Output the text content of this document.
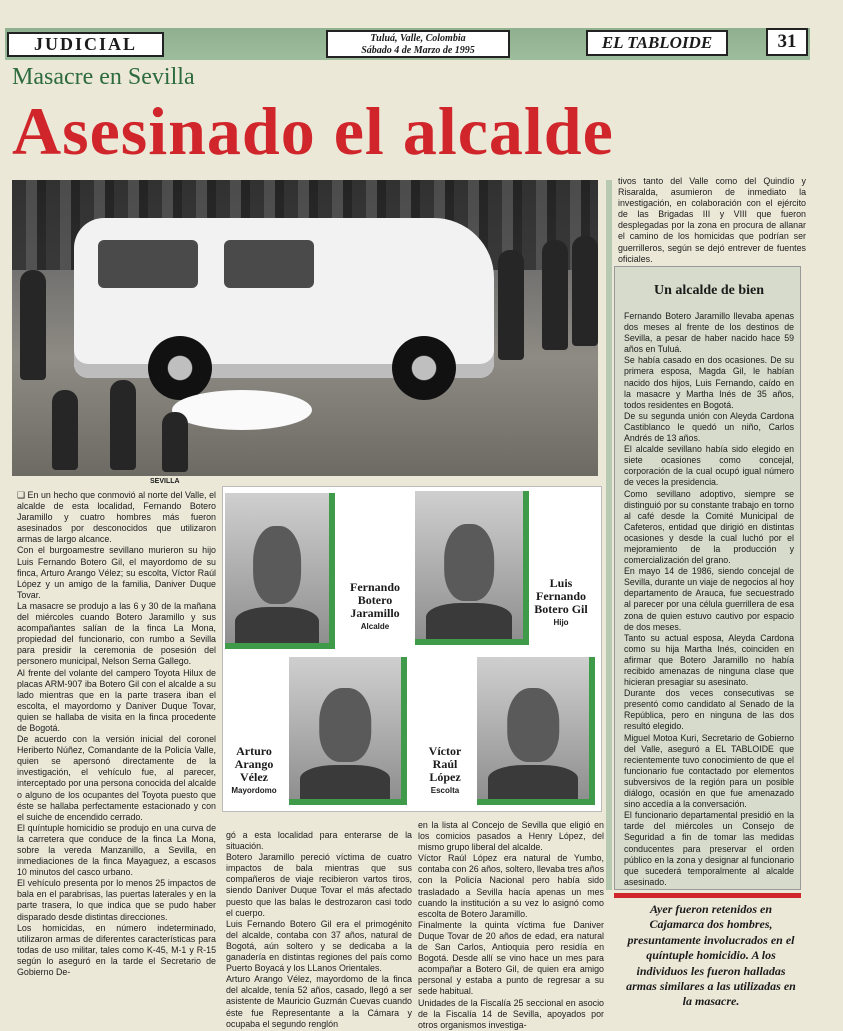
JUDICIAL	Tuluá, Valle, Colombia
Sábado 4 de Marzo de 1995	EL TABLOIDE	31
Masacre en Sevilla
Asesinado el alcalde
SEVILLA

❑ En un hecho que conmovió al norte del Valle, el alcalde de esta localidad, Fernando Botero Jaramillo y cuatro hombres más fueron asesinados por desconocidos que utilizaron armas de largo alcance.

Con el burgoamestre sevillano murieron su hijo Luis Fernando Botero Gil, el mayordomo de su finca, Arturo Arango Vélez; su escolta, Víctor Raúl López y un amigo de la familia, Daniver Duque Tovar.

La masacre se produjo a las 6 y 30 de la mañana del miércoles cuando Botero Jaramillo y sus acompañantes salían de la finca La Mona, propiedad del funcionario, con rumbo a Sevilla para presidir la ceremonia de posesión del personero municipal, Nelson Serna Gallego.

Al frente del volante del campero Toyota Hilux de placas ARM-907 iba Botero Gil con el alcalde a su lado mientras que en la parte trasera iban el escolta, el mayordomo y Daniver Duque Tovar, quien se hallaba de visita en la finca procedente de Bogotá.

De acuerdo con la versión inicial del coronel Heriberto Núñez, Comandante de la Policía Valle, quien se apersonó directamente de la investigación, el vehículo fue, al parecer, interceptado por una persona conocida del alcalde o alguno de los ocupantes del Toyota puesto que éste se hallaba perfectamente estacionado y con el suiche de encendido cerrado.

El quíntuple homicidio se produjo en una curva de la carretera que conduce de la finca La Mona, sobre la vereda Manzanillo, a Sevilla, en inmediaciones de la finca Mayaguez, a escasos 10 minutos del casco urbano.

El vehículo presenta por lo menos 25 impactos de bala en el parabrisas, las puertas laterales y en la parte trasera, lo que indica que se pudo haber disparado desde distintas direcciones.

Los homicidas, en número indeterminado, utilizaron armas de diferentes características para todas de uso militar, tales como K-45, M-1 y R-15 según lo aseguró en la tarde el Secretario de Gobierno De-

Fernando
Botero
Jaramillo
Alcalde
Luis
Fernando
Botero Gil
Hijo
Arturo
Arango
Vélez
Mayordomo
Víctor
Raúl
López
Escolta

gó a esta localidad para enterarse de la situación.

Botero Jaramillo pereció víctima de cuatro impactos de bala mientras que sus compañeros de viaje recibieron vartos tiros, siendo Daniver Duque Tovar el más afectado puesto que las balas le destrozaron casi todo el cuerpo.

Luis Fernando Botero Gil era el primogénito del alcalde, contaba con 37 años, natural de Bogotá, aún soltero y se dedicaba a la ganadería en distintas regiones del país como Puerto Boyacá y los LLanos Orientales.

Arturo Arango Vélez, mayordomo de la finca del alcalde, tenía 52 años, casado, llegó a ser asistente de Mauricio Guzmán Cuevas cuando éste fue Representante a la Cámara y ocupaba el segundo renglón

en la lista al Concejo de Sevilla que eligió en los comicios pasados a Henry López, del mismo grupo liberal del alcalde.

Víctor Raúl López era natural de Yumbo, contaba con 26 años, soltero, llevaba tres años con la Policía Nacional pero había sido trasladado a Sevilla hacía apenas un mes cuando la institución a su vez lo asignó como escolta de Botero Jaramillo.

Finalmente la quinta víctima fue Daniver Duque Tovar de 20 años de edad, era natural de San Carlos, Antioquia pero residía en Bogotá. Desde allí se vino hace un mes para acompañar a Botero Gil, de quien era amigo personal y estaba a punto de regresar a su sede habitual.

Unidades de la Fiscalía 25 seccional en asocio de la Fiscalía 14 de Sevilla, apoyados por otros organismos investiga-

tivos tanto del Valle como del Quindío y Risaralda, asumieron de inmediato la investigación, en colaboración con el ejército de las Brigadas III y VIII que fueron desplegadas por la zona en procura de allanar el camino de los homicidas que podrían ser guerrilleros, según se dejó entrever de fuentes oficiales.
Un alcalde de bien

Fernando Botero Jaramillo llevaba apenas dos meses al frente de los destinos de Sevilla, a pesar de haber nacido hace 59 años en Tuluá.

Se había casado en dos ocasiones. De su primera esposa, Magda Gil, le habían nacido dos hijos, Luis Fernando, caído en la masacre y Martha Inés de 35 años, todos residentes en Bogotá.

De su segunda unión con Aleyda Cardona Castiblanco le quedó un niño, Carlos Andrés de 13 años.

El alcalde sevillano había sido elegido en siete ocasiones como concejal, corporación de la cual ocupó igual número de veces la presidencia.

Como sevillano adoptivo, siempre se distinguió por su constante trabajo en torno al café desde la Comité Municipal de Cafeteros, entidad que dirigió en distintas ocasiones y desde la cual luchó por el mejoramiento de la producción y comercialización del grano.

En mayo 14 de 1986, siendo concejal de Sevilla, durante un viaje de negocios al hoy departamento de Arauca, fue secuestrado al parecer por una célula guerrillera de esa zona de quien estuvo cautivo por espacio de dos meses.

Tanto su actual esposa, Aleyda Cardona como su hija Martha Inés, coinciden en afirmar que Botero Jaramillo no había recibido amenazas de ninguna clase que hicieran presagiar su asesinato.

Durante dos veces consecutivas se presentó como candidato al Senado de la República, pero en ninguna de las dos resultó elegido.

Miguel Motoa Kuri, Secretario de Gobierno del Valle, aseguró a EL TABLOIDE que recientemente tuvo conocimiento de que el funcionario fue contactado por elementos subversivos de la región para un posible diálogo, ocasión en que fue amenazado sino accedía a la conversación.

El funcionario departamental presidió en la tarde del miércoles un Consejo de Seguridad a fin de tomar las medidas conducentes para preservar el orden público en la zona y designar al funcionario que sucederá temporalmente al alcalde asesinado.

Ayer fueron retenidos en Cajamarca dos hombres, presuntamente involucrados en el quíntuple homicidio. A los individuos les fueron halladas armas similares a las utilizadas en la masacre.
